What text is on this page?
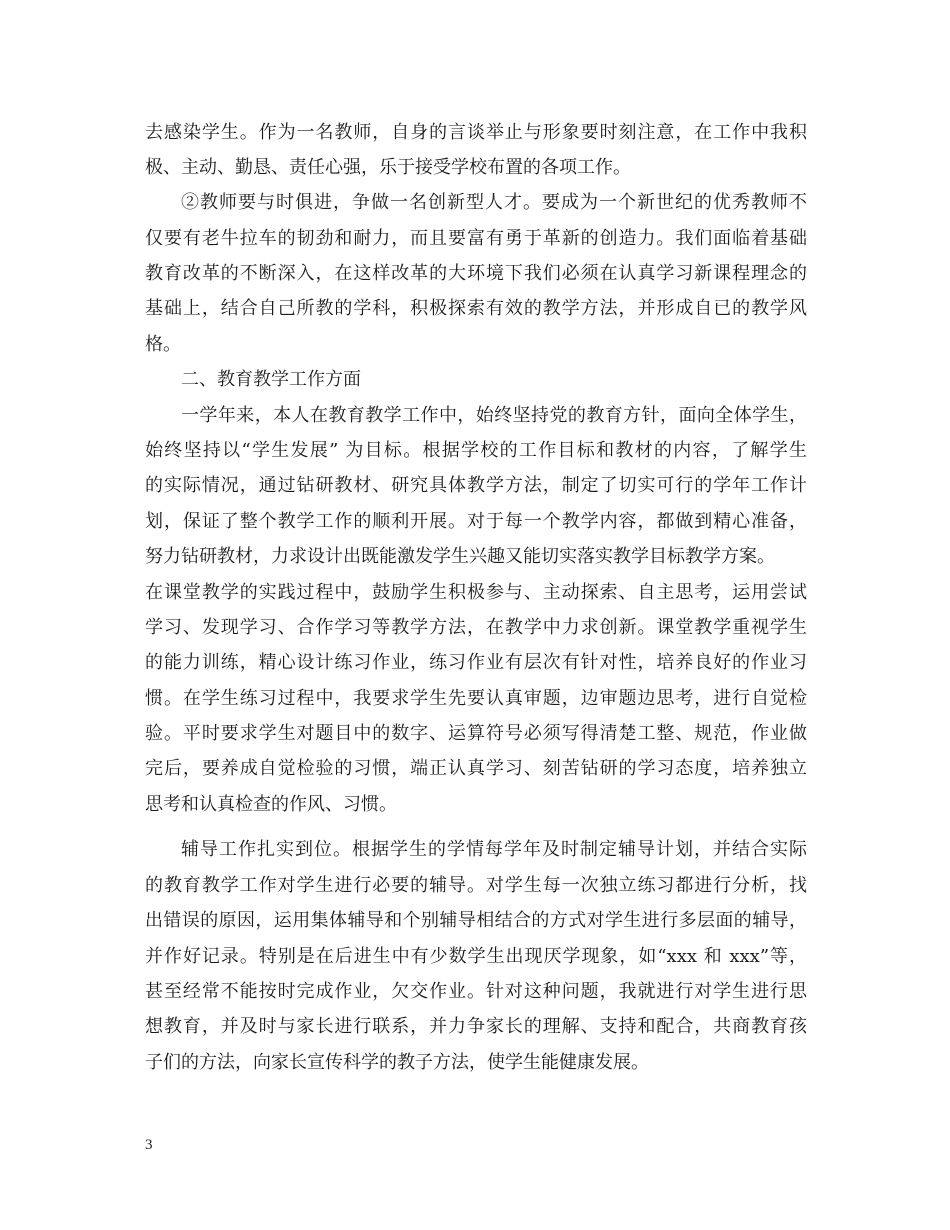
去感染学生。作为一名教师，自身的言谈举止与形象要时刻注意，在工作中我积
极、主动、勤恳、责任心强，乐于接受学校布置的各项工作。
②教师要与时俱进，争做一名创新型人才。要成为一个新世纪的优秀教师不
仅要有老牛拉车的韧劲和耐力，而且要富有勇于革新的创造力。我们面临着基础
教育改革的不断深入，在这样改革的大环境下我们必须在认真学习新课程理念的
基础上，结合自己所教的学科，积极探索有效的教学方法，并形成自已的教学风
格。
二、教育教学工作方面
一学年来，本人在教育教学工作中，始终坚持党的教育方针，面向全体学生，
始终坚持以“学生发展” 为目标。根据学校的工作目标和教材的内容，了解学生
的实际情况，通过钻研教材、研究具体教学方法，制定了切实可行的学年工作计
划，保证了整个教学工作的顺利开展。对于每一个教学内容，都做到精心准备，
努力钻研教材，力求设计出既能激发学生兴趣又能切实落实教学目标教学方案。
在课堂教学的实践过程中，鼓励学生积极参与、主动探索、自主思考，运用尝试
学习、发现学习、合作学习等教学方法，在教学中力求创新。课堂教学重视学生
的能力训练，精心设计练习作业，练习作业有层次有针对性，培养良好的作业习
惯。在学生练习过程中，我要求学生先要认真审题，边审题边思考，进行自觉检
验。平时要求学生对题目中的数字、运算符号必须写得清楚工整、规范，作业做
完后，要养成自觉检验的习惯，端正认真学习、刻苦钻研的学习态度，培养独立
思考和认真检查的作风、习惯。
辅导工作扎实到位。根据学生的学情每学年及时制定辅导计划，并结合实际
的教育教学工作对学生进行必要的辅导。对学生每一次独立练习都进行分析，找
出错误的原因，运用集体辅导和个别辅导相结合的方式对学生进行多层面的辅导，
并作好记录。特别是在后进生中有少数学生出现厌学现象，如“xxx 和 xxx”等，
甚至经常不能按时完成作业，欠交作业。针对这种问题，我就进行对学生进行思
想教育，并及时与家长进行联系，并力争家长的理解、支持和配合，共商教育孩
子们的方法，向家长宣传科学的教子方法，使学生能健康发展。
3
